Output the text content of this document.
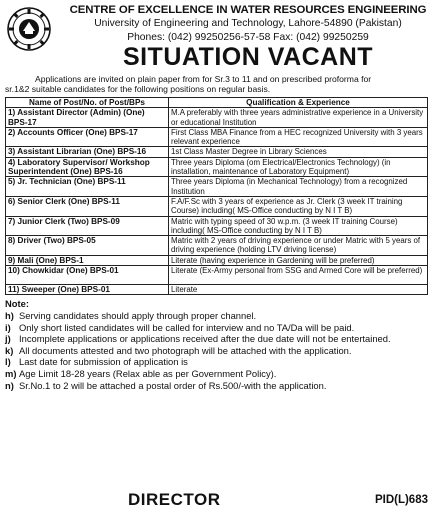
CENTRE OF EXCELLENCE IN WATER RESOURCES ENGINEERING
University of Engineering and Technology, Lahore-54890 (Pakistan)
Phones: (042) 99250256-57-58 Fax: (042) 99250259
SITUATION VACANT
Applications are invited on plain paper from for Sr.3 to 11 and on prescribed proforma for
sr.1&2 suitable candidates for the following positions on regular basis.
Name of Post/No. of Post/BPs	Qualification & Experience
1) Assistant Director (Admin) (One) BPS-17	M.A preferably with three years administrative experience in a University or educational Institution
2) Accounts Officer (One) BPS-17	First Class MBA Finance from a HEC recognized University with 3 years relevant experience
3) Assistant Librarian (One) BPS-16	1st Class Master Degree in Library Sciences
4) Laboratory Supervisor/ Workshop Superintendent (One) BPS-16	Three years Diploma (om Electrical/Electronics Technology) (in installation, maintenance of Laboratory Equipment)
5) Jr. Technician (One) BPS-11	Three years Diploma (in Mechanical Technology) from a recognized Institution
6) Senior Clerk (One) BPS-11	F.A/F.Sc with 3 years of experience as Jr. Clerk (3 week IT training Course) including( MS-Office conducting by N I T B)
7) Junior Clerk (Two) BPS-09	Matric with typing speed of 30 w.p.m. (3 week IT training Course) including( MS-Office conducting by N I T B)
8) Driver (Two) BPS-05	Matric with 2 years of driving experience or under Matric with 5 years of driving experience (holding LTV driving license)
9) Mali (One) BPS-1	Literate (having experience in Gardening will be preferred)
10) Chowkidar (One) BPS-01	Literate (Ex-Army personal from SSG and Armed Core will be preferred)
11) Sweeper (One) BPS-01	Literate
Note:
h) Serving candidates should apply through proper channel.
i) Only short listed candidates will be called for interview and no TA/Da will be paid.
j) Incomplete applications or applications received after the due date will not be entertained.
k) All documents attested and two photograph will be attached with the application.
l) Last date for submission of application is
m) Age Limit 18-28 years (Relax able as per Government Policy).
n) Sr.No.1 to 2 will be attached a postal order of Rs.500/-with the application.
DIRECTOR	PID(L)683
